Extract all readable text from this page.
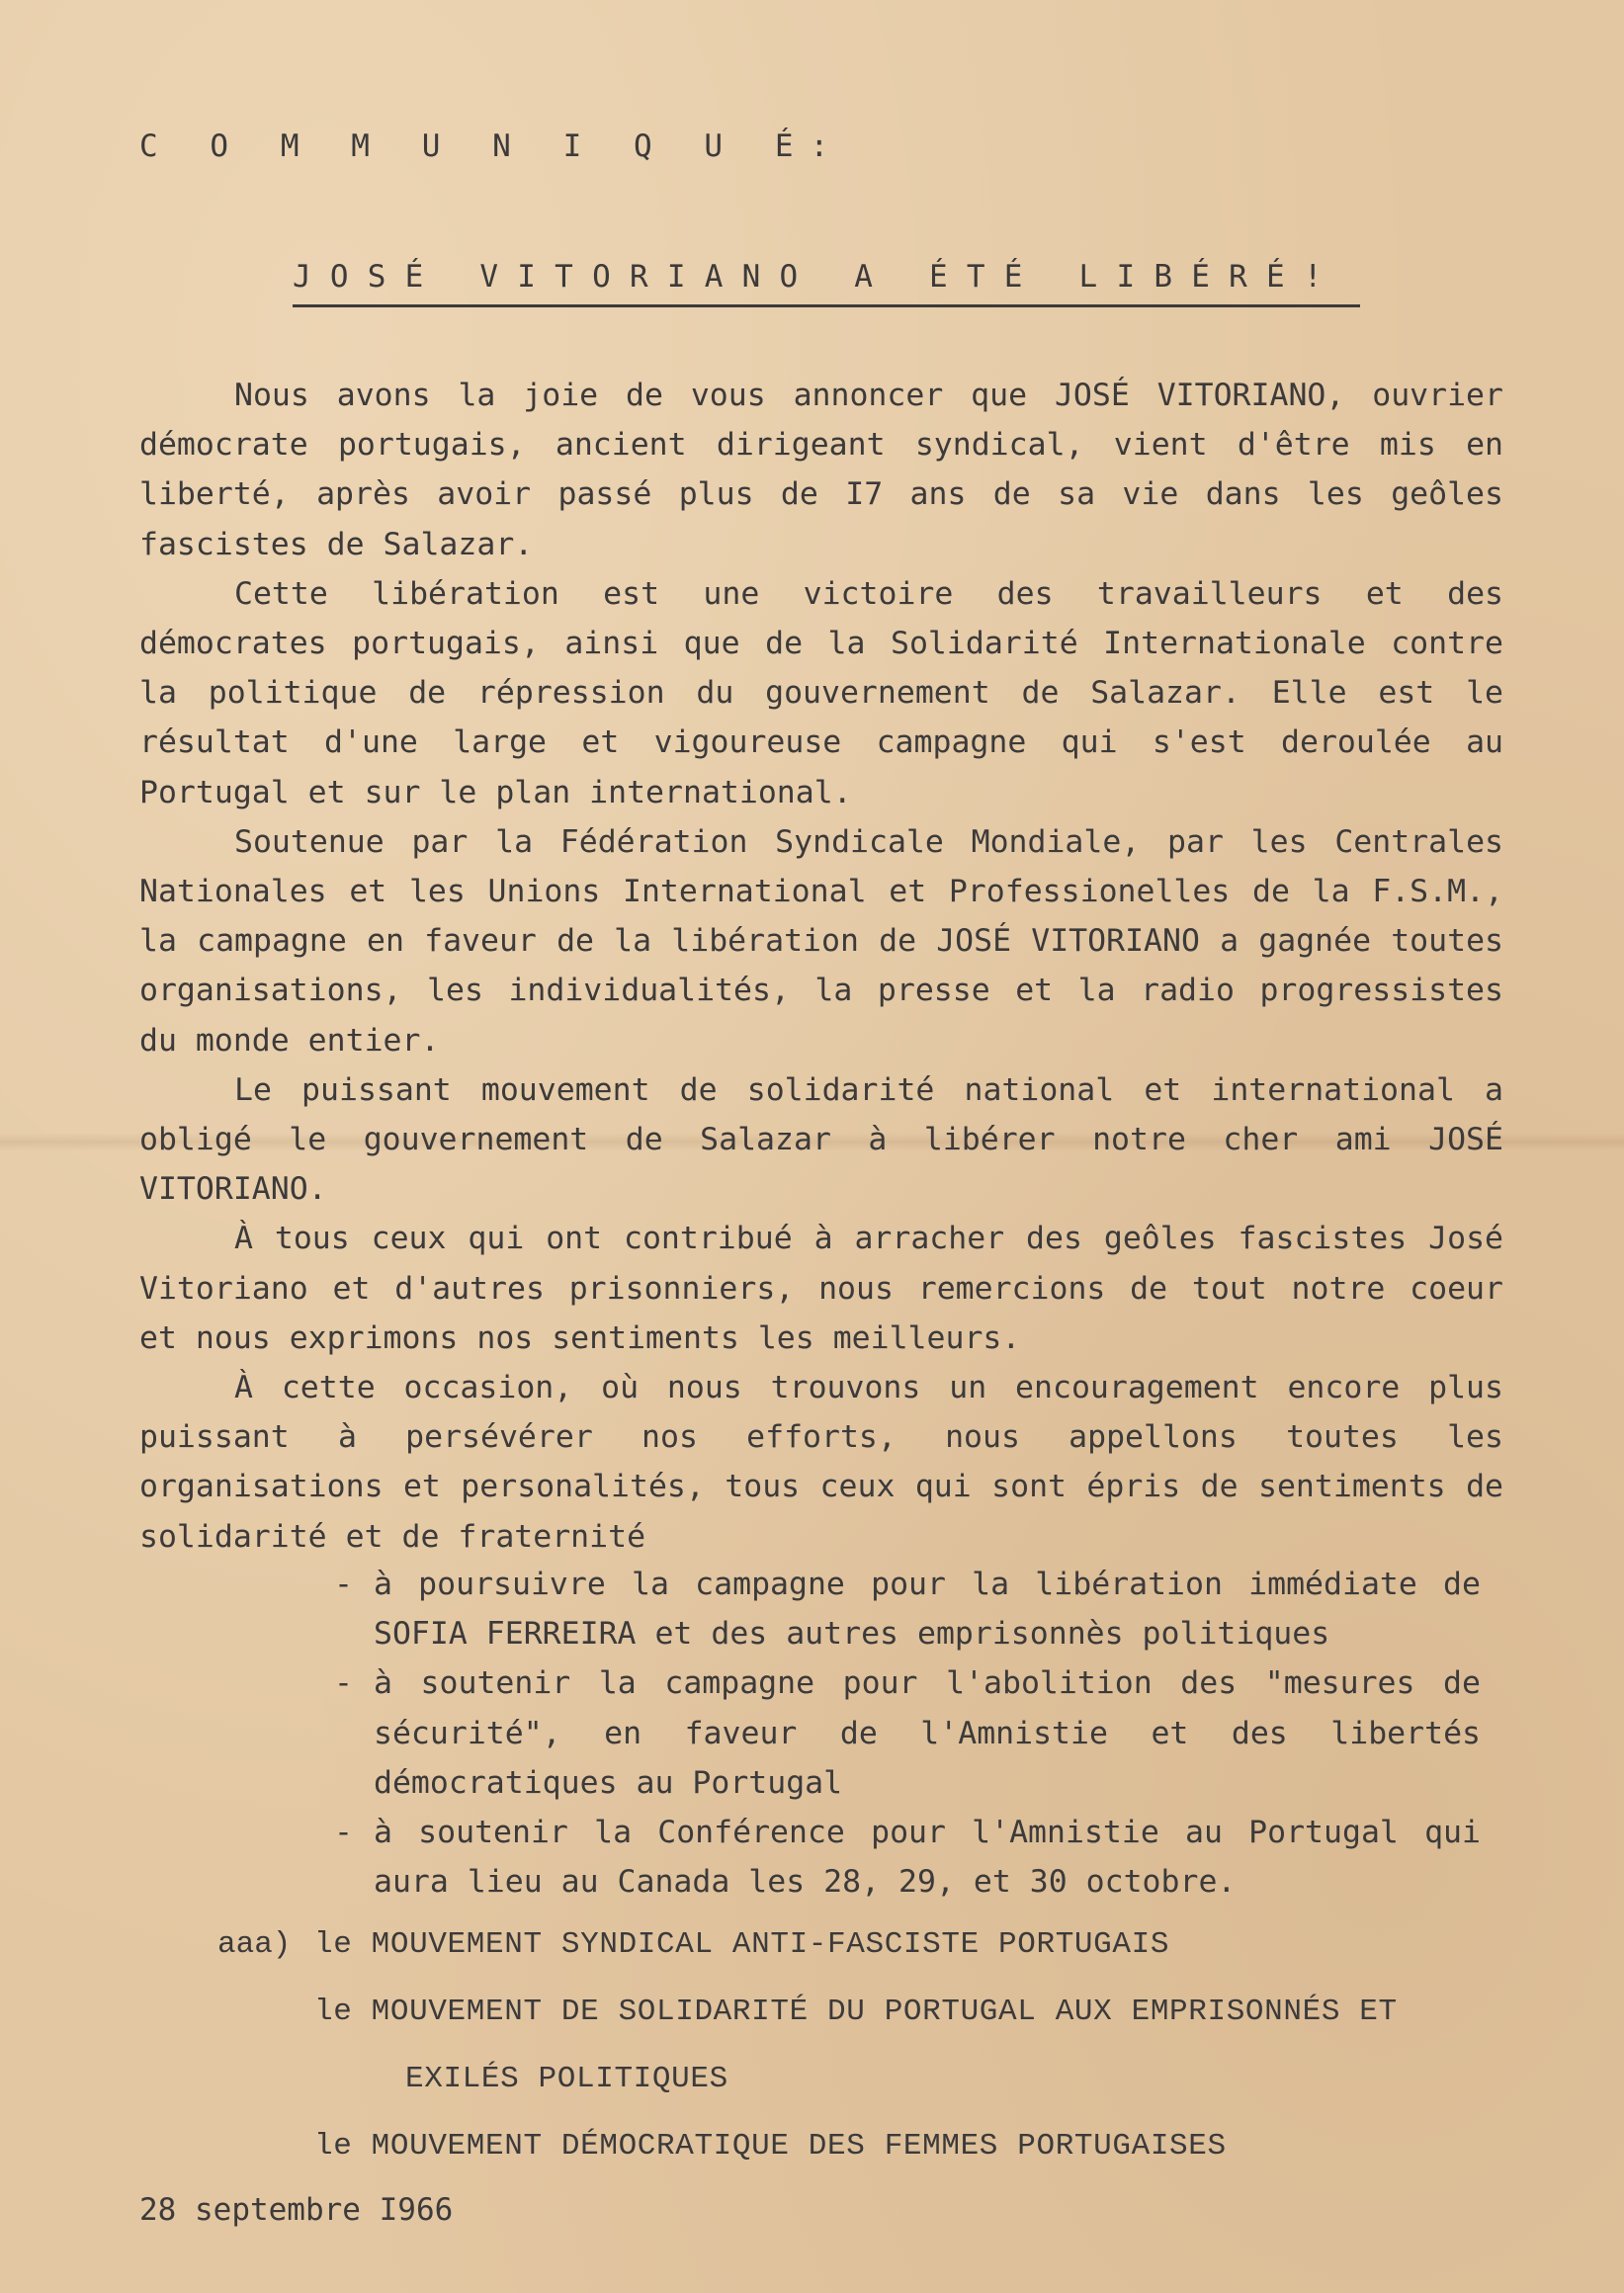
C O M M U N I Q U É:
JOSÉ VITORIANO A ÉTÉ LIBÉRÉ!

Nous avons la joie de vous annoncer que JOSÉ VITORIANO, ouvrier démocrate portugais, ancient dirigeant syndical, vient d'être mis en liberté, après avoir passé plus de I7 ans de sa vie dans les geôles fascistes de Salazar.

Cette libération est une victoire des travailleurs et des démocrates portugais, ainsi que de la Solidarité Internationale contre la politique de répression du gouvernement de Salazar. Elle est le résultat d'une large et vigoureuse campagne qui s'est deroulée au Portugal et sur le plan international.

Soutenue par la Fédération Syndicale Mondiale, par les Centrales Nationales et les Unions International et Professionelles de la F.S.M., la campagne en faveur de la libération de JOSÉ VITORIANO a gagnée toutes organisations, les individualités, la presse et la radio progressistes du monde entier.

Le puissant mouvement de solidarité national et international a obligé le gouvernement de Salazar à libérer notre cher ami JOSÉ VITORIANO.

À tous ceux qui ont contribué à arracher des geôles fascistes José Vitoriano et d'autres prisonniers, nous remercions de tout notre coeur et nous exprimons nos sentiments les meilleurs.

À cette occasion, où nous trouvons un encouragement encore plus puissant à persévérer nos efforts, nous appellons toutes les organisations et personalités, tous ceux qui sont épris de sentiments de solidarité et de fraternité

- à poursuivre la campagne pour la libération immédiate de SOFIA FERREIRA et des autres emprisonnès politiques
- à soutenir la campagne pour l'abolition des "mesures de sécurité", en faveur de l'Amnistie et des libertés démocratiques au Portugal
- à soutenir la Conférence pour l'Amnistie au Portugal qui aura lieu au Canada les 28, 29, et 30 octobre.
aaa) le MOUVEMENT SYNDICAL ANTI-FASCISTE PORTUGAIS
le MOUVEMENT DE SOLIDARITÉ DU PORTUGAL AUX EMPRISONNÉS ET
EXILÉS POLITIQUES
le MOUVEMENT DÉMOCRATIQUE DES FEMMES PORTUGAISES
28 septembre I966
